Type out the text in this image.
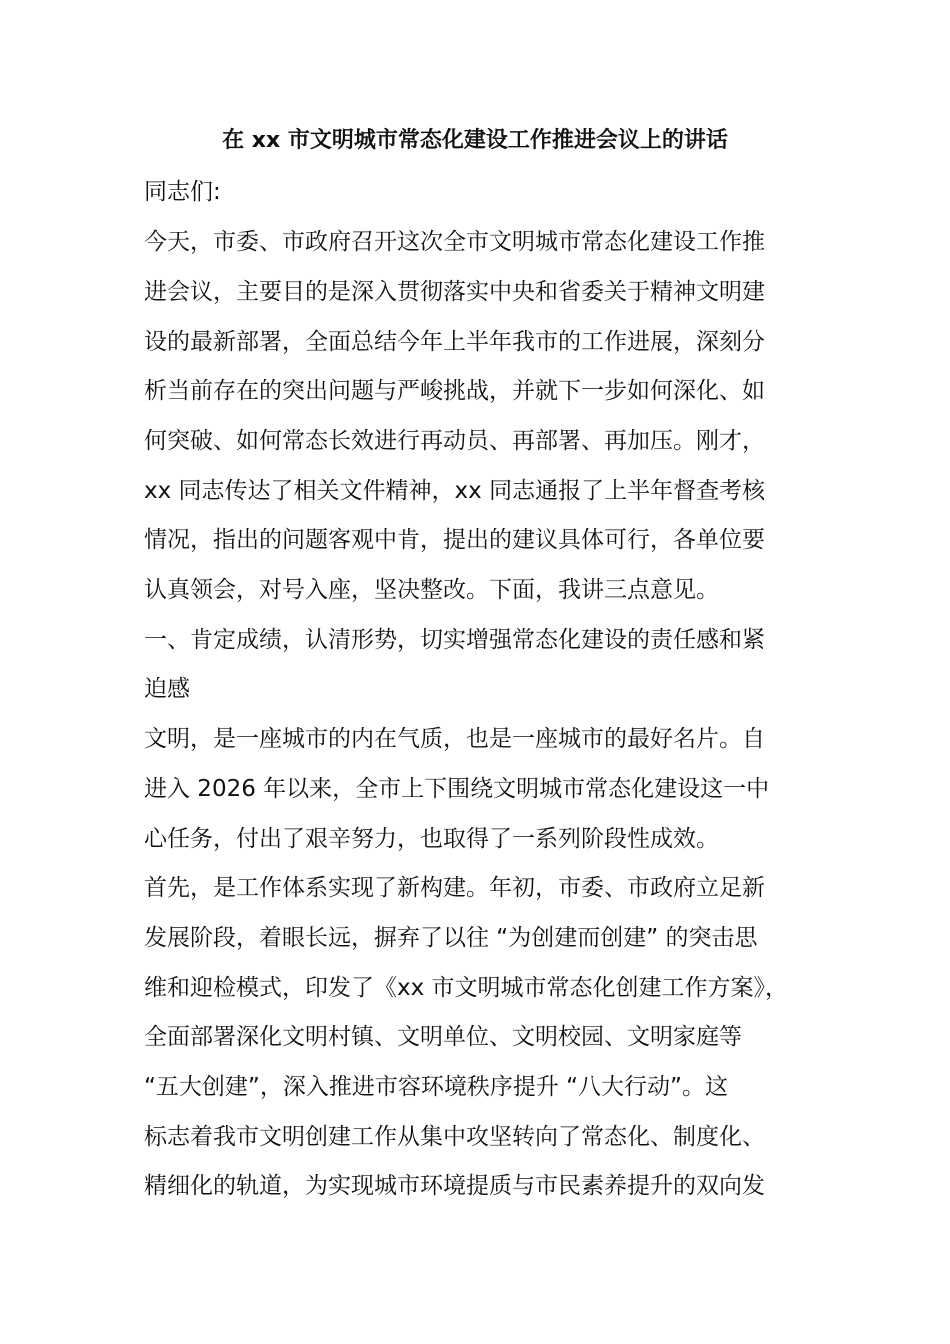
在 xx 市文明城市常态化建设工作推进会议上的讲话
同志们:
今天，市委、市政府召开这次全市文明城市常态化建设工作推
进会议，主要目的是深入贯彻落实中央和省委关于精神文明建
设的最新部署，全面总结今年上半年我市的工作进展，深刻分
析当前存在的突出问题与严峻挑战，并就下一步如何深化、如
何突破、如何常态长效进行再动员、再部署、再加压。刚才，
xx 同志传达了相关文件精神，xx 同志通报了上半年督查考核
情况，指出的问题客观中肯，提出的建议具体可行，各单位要
认真领会，对号入座，坚决整改。下面，我讲三点意见。
一、肯定成绩，认清形势，切实增强常态化建设的责任感和紧
迫感
文明，是一座城市的内在气质，也是一座城市的最好名片。自
进入 2026 年以来，全市上下围绕文明城市常态化建设这一中
心任务，付出了艰辛努力，也取得了一系列阶段性成效。
首先，是工作体系实现了新构建。年初，市委、市政府立足新
发展阶段，着眼长远，摒弃了以往 “为创建而创建” 的突击思
维和迎检模式，印发了《xx 市文明城市常态化创建工作方案》，
全面部署深化文明村镇、文明单位、文明校园、文明家庭等
“五大创建”，深入推进市容环境秩序提升 “八大行动”。这
标志着我市文明创建工作从集中攻坚转向了常态化、制度化、
精细化的轨道，为实现城市环境提质与市民素养提升的双向发
